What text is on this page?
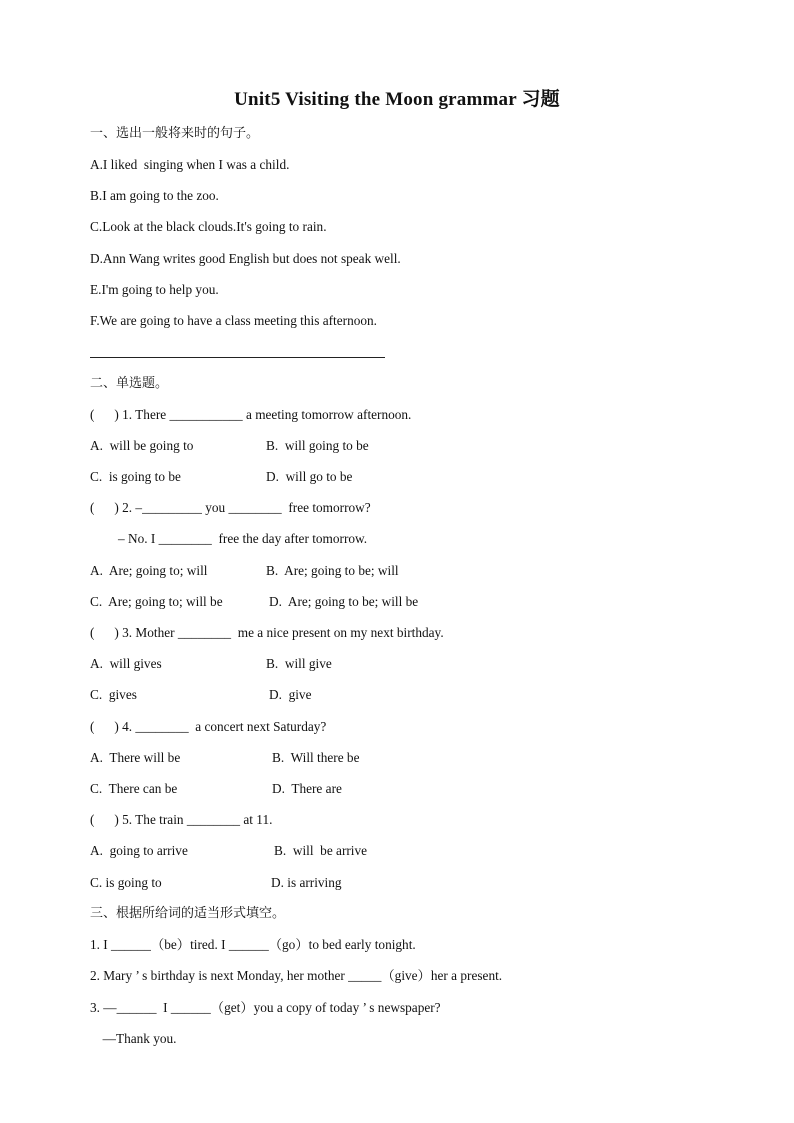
Unit5 Visiting the Moon grammar 习题
一、选出一般将来时的句子。
A.I liked  singing when I was a child.
B.I am going to the zoo.
C.Look at the black clouds.It's going to rain.
D.Ann Wang writes good English but does not speak well.
E.I'm going to help you.
F.We are going to have a class meeting this afternoon.
二、单选题。
(      ) 1. There ___________ a meeting tomorrow afternoon.
A.  will be going to	B.  will going to be
C.  is going to be	D.  will go to be
(      ) 2. –_________ you ________  free tomorrow?
– No. I ________  free the day after tomorrow.
A.  Are; going to; will	B.  Are; going to be; will
C.  Are; going to; will be	D.  Are; going to be; will be
(      ) 3. Mother ________  me a nice present on my next birthday.
A.  will gives	B.  will give
C.  gives	D.  give
(      ) 4. ________  a concert next Saturday?
A.  There will be	B.  Will there be
C.  There can be	D.  There are
(      ) 5. The train ________ at 11.
A.  going to arrive	B.  will  be arrive
C. is going to	D. is arriving
三、根据所给词的适当形式填空。
1. I ______（be）tired. I ______（go）to bed early tonight.
2. Mary ’ s birthday is next Monday, her mother _____（give）her a present.
3. —______  I ______（get）you a copy of today ’ s newspaper?
—Thank you.
